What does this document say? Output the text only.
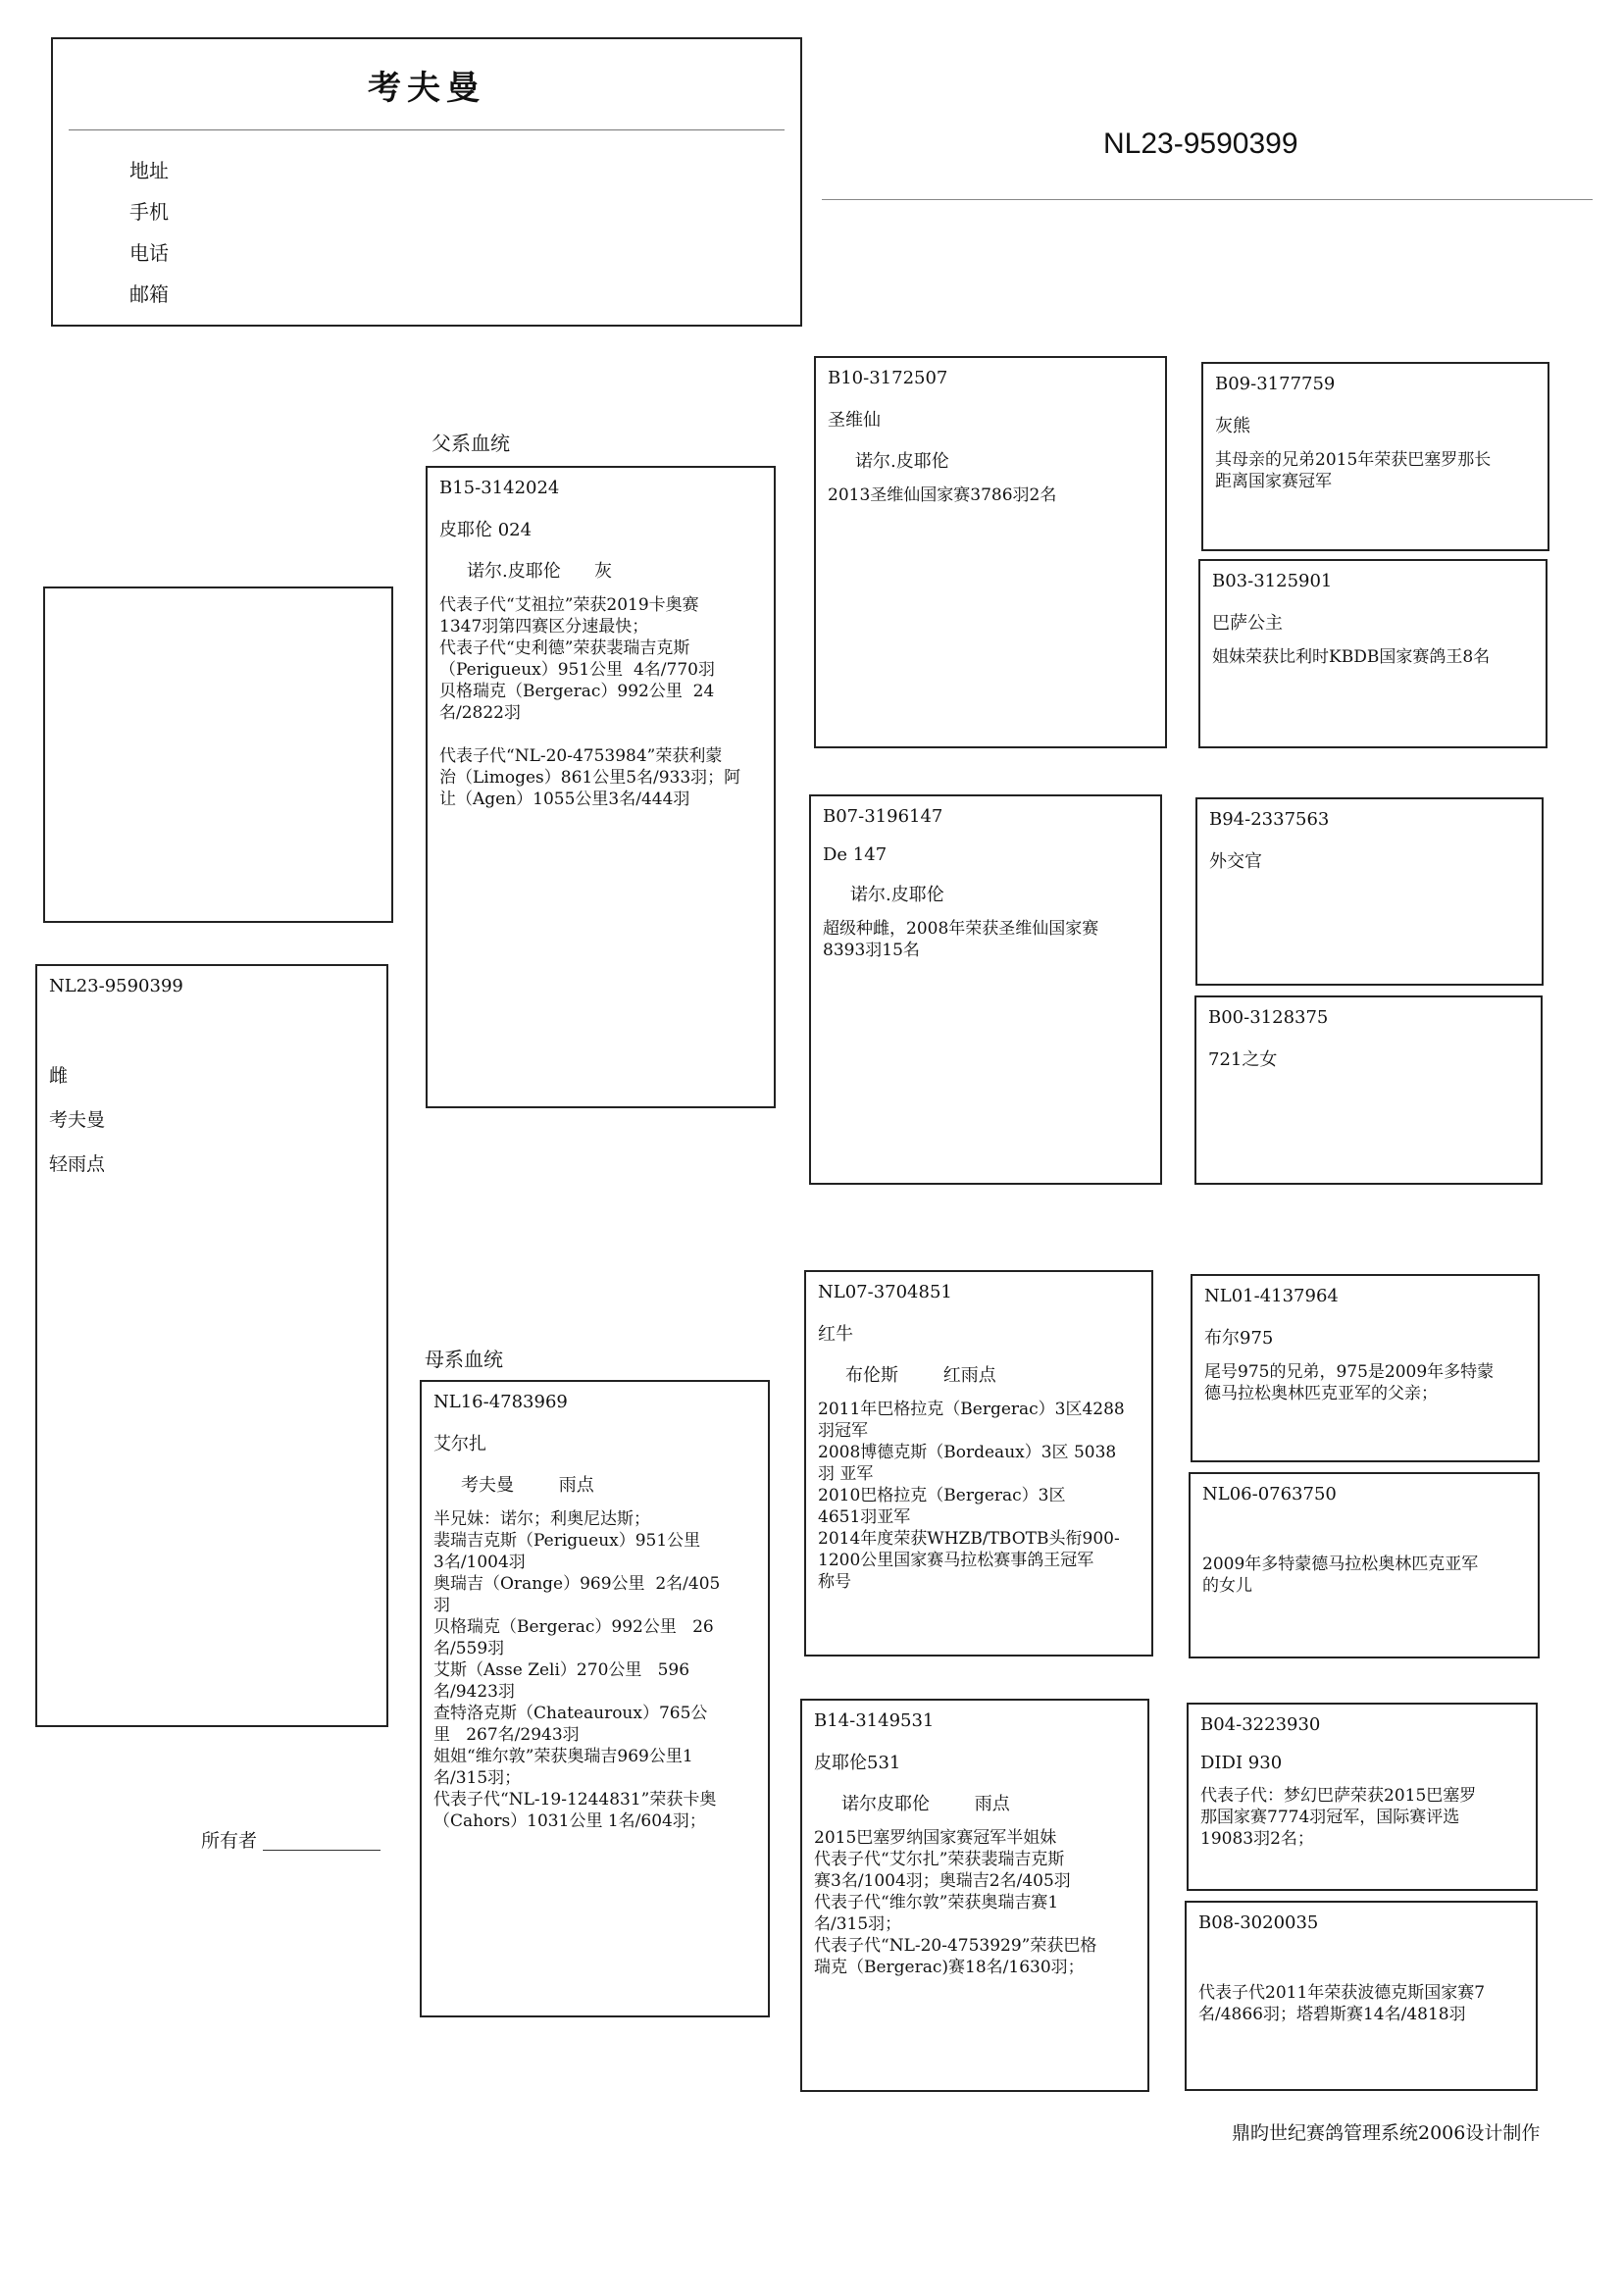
考夫曼
地址
手机
电话
邮箱
NL23-9590399
NL23-9590399
雌
考夫曼
轻雨点
所有者
父系血统
母系血统
B15-3142024
皮耶伦 024
诺尔.皮耶伦      灰
代表子代“艾祖拉”荣获2019卡奥赛
1347羽第四赛区分速最快；
代表子代“史利德”荣获裴瑞吉克斯
（Perigueux）951公里  4名/770羽
贝格瑞克（Bergerac）992公里  24
名/2822羽

代表子代“NL-20-4753984”荣获利蒙
治（Limoges）861公里5名/933羽；阿
让（Agen）1055公里3名/444羽
NL16-4783969
艾尔扎
考夫曼        雨点
半兄妹：诺尔；利奥尼达斯；
裴瑞吉克斯（Perigueux）951公里
3名/1004羽
奥瑞吉（Orange）969公里  2名/405
羽
贝格瑞克（Bergerac）992公里   26
名/559羽
艾斯（Asse Zeli）270公里   596
名/9423羽
查特洛克斯（Chateauroux）765公
里   267名/2943羽
姐姐“维尔敦”荣获奥瑞吉969公里1
名/315羽；
代表子代“NL-19-1244831”荣获卡奥
（Cahors）1031公里 1名/604羽；
B10-3172507
圣维仙
诺尔.皮耶伦
2013圣维仙国家赛3786羽2名
B07-3196147
De 147
诺尔.皮耶伦
超级种雌，2008年荣获圣维仙国家赛
8393羽15名
NL07-3704851
红牛
布伦斯        红雨点
2011年巴格拉克（Bergerac）3区4288
羽冠军
2008博德克斯（Bordeaux）3区 5038
羽 亚军
2010巴格拉克（Bergerac）3区
4651羽亚军
2014年度荣获WHZB/TBOTB头衔900-
1200公里国家赛马拉松赛事鸽王冠军
称号
B14-3149531
皮耶伦531
诺尔皮耶伦        雨点
2015巴塞罗纳国家赛冠军半姐妹
代表子代“艾尔扎”荣获裴瑞吉克斯
赛3名/1004羽；奥瑞吉2名/405羽
代表子代“维尔敦”荣获奥瑞吉赛1
名/315羽；
代表子代“NL-20-4753929”荣获巴格
瑞克（Bergerac)赛18名/1630羽；
B09-3177759
灰熊
其母亲的兄弟2015年荣获巴塞罗那长
距离国家赛冠军
B03-3125901
巴萨公主
姐妹荣获比利时KBDB国家赛鸽王8名
B94-2337563
外交官
B00-3128375
721之女
NL01-4137964
布尔975
尾号975的兄弟，975是2009年多特蒙
德马拉松奥林匹克亚军的父亲；
NL06-0763750
2009年多特蒙德马拉松奥林匹克亚军
的女儿
B04-3223930
DIDI 930
代表子代：梦幻巴萨荣获2015巴塞罗
那国家赛7774羽冠军，国际赛评选
19083羽2名；
B08-3020035
代表子代2011年荣获波德克斯国家赛7
名/4866羽；塔碧斯赛14名/4818羽
鼎昀世纪赛鸽管理系统2006设计制作
